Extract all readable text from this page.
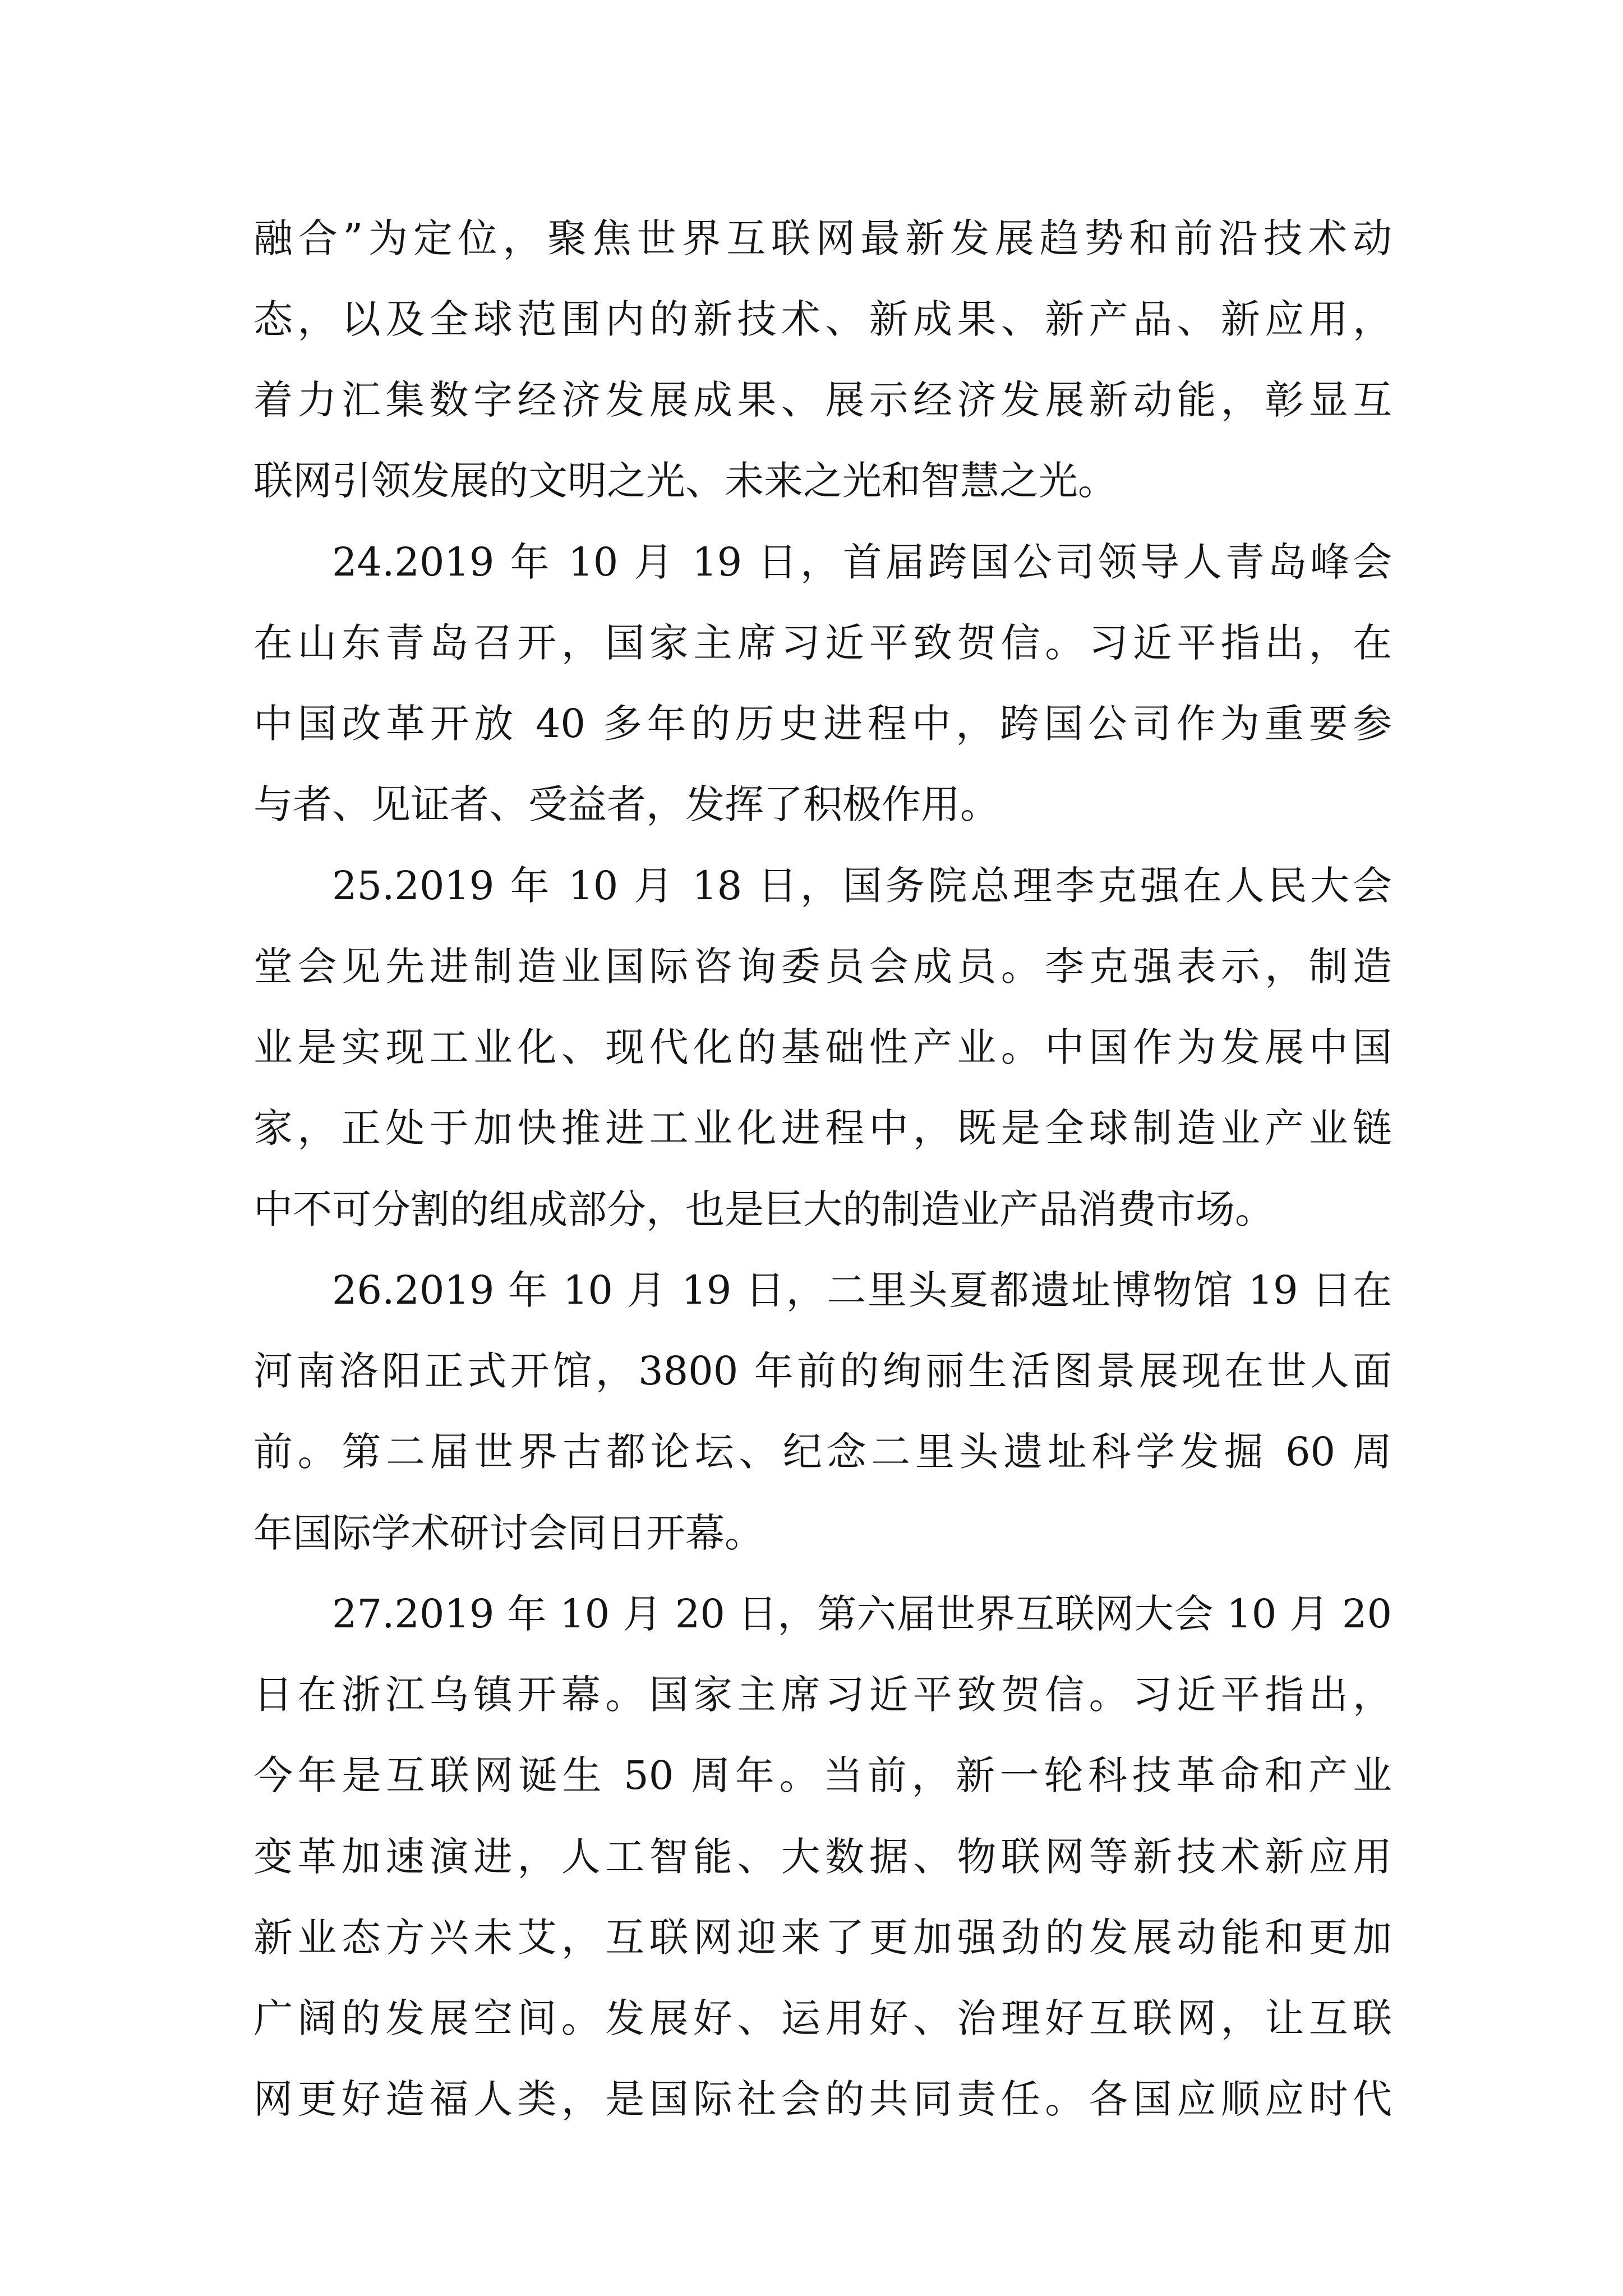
融合”为定位，聚焦世界互联网最新发展趋势和前沿技术动

态，以及全球范围内的新技术、新成果、新产品、新应用，

着力汇集数字经济发展成果、展示经济发展新动能，彰显互

联网引领发展的文明之光、未来之光和智慧之光。

24.2019 年 10 月 19 日，首届跨国公司领导人青岛峰会

在山东青岛召开，国家主席习近平致贺信。习近平指出，在

中国改革开放 40 多年的历史进程中，跨国公司作为重要参

与者、见证者、受益者，发挥了积极作用。

25.2019 年 10 月 18 日，国务院总理李克强在人民大会

堂会见先进制造业国际咨询委员会成员。李克强表示，制造

业是实现工业化、现代化的基础性产业。中国作为发展中国

家，正处于加快推进工业化进程中，既是全球制造业产业链

中不可分割的组成部分，也是巨大的制造业产品消费市场。

26.2019 年 10 月 19 日，二里头夏都遗址博物馆 19 日在

河南洛阳正式开馆，3800 年前的绚丽生活图景展现在世人面

前。第二届世界古都论坛、纪念二里头遗址科学发掘 60 周

年国际学术研讨会同日开幕。

27.2019 年 10 月 20 日，第六届世界互联网大会 10 月 20

日在浙江乌镇开幕。国家主席习近平致贺信。习近平指出，

今年是互联网诞生 50 周年。当前，新一轮科技革命和产业

变革加速演进，人工智能、大数据、物联网等新技术新应用

新业态方兴未艾，互联网迎来了更加强劲的发展动能和更加

广阔的发展空间。发展好、运用好、治理好互联网，让互联

网更好造福人类，是国际社会的共同责任。各国应顺应时代
